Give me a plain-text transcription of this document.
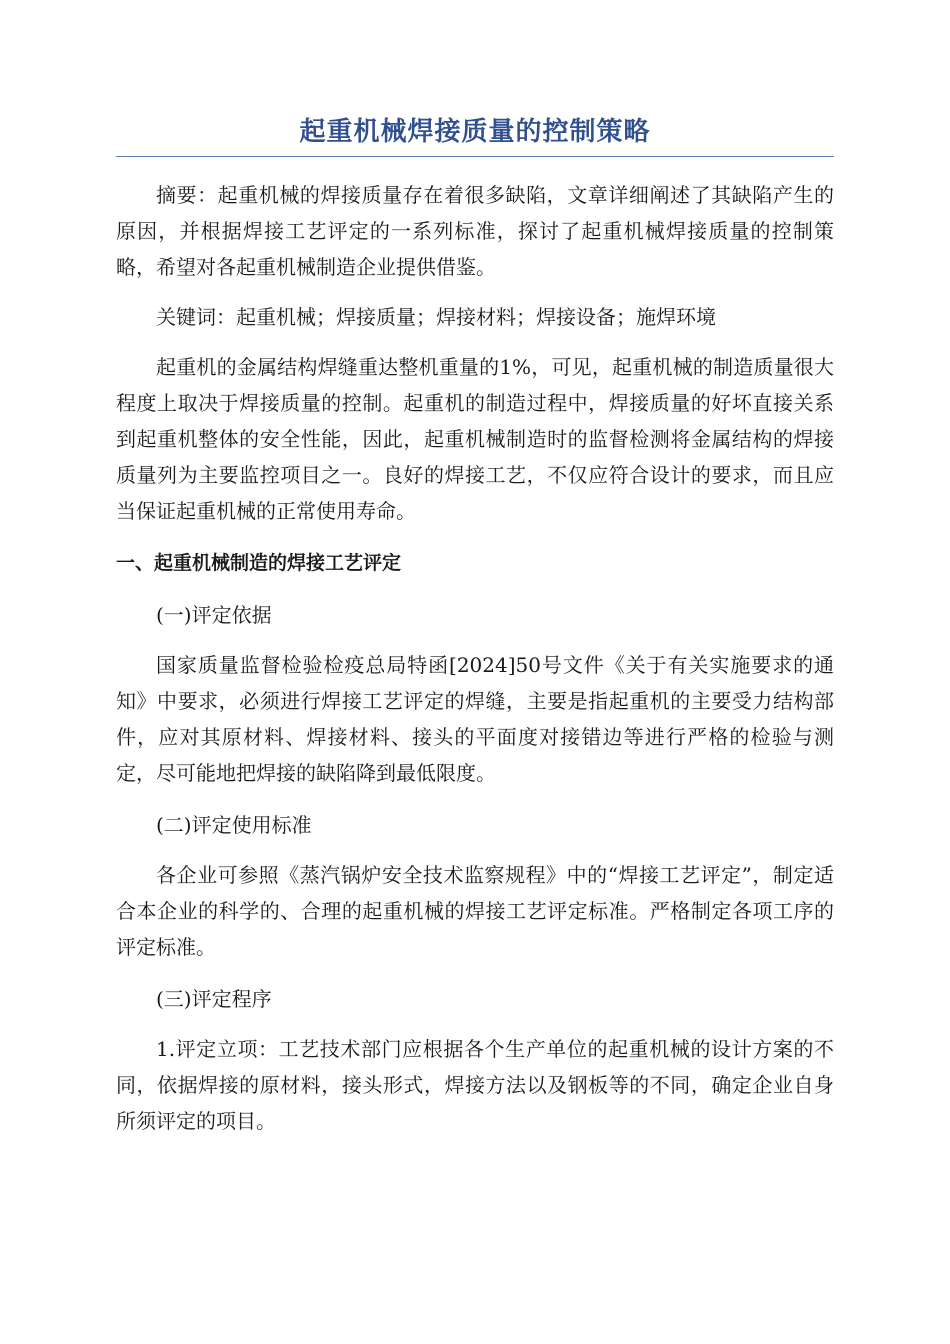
起重机械焊接质量的控制策略

摘要：起重机械的焊接质量存在着很多缺陷，文章详细阐述了其缺陷产生的原因，并根据焊接工艺评定的一系列标准，探讨了起重机械焊接质量的控制策略，希望对各起重机械制造企业提供借鉴。

关键词：起重机械；焊接质量；焊接材料；焊接设备；施焊环境

起重机的金属结构焊缝重达整机重量的1%，可见，起重机械的制造质量很大程度上取决于焊接质量的控制。起重机的制造过程中，焊接质量的好坏直接关系到起重机整体的安全性能，因此，起重机械制造时的监督检测将金属结构的焊接质量列为主要监控项目之一。良好的焊接工艺，不仅应符合设计的要求，而且应当保证起重机械的正常使用寿命。

一、起重机械制造的焊接工艺评定

(一)评定依据

国家质量监督检验检疫总局特函[2024]50号文件《关于有关实施要求的通知》中要求，必须进行焊接工艺评定的焊缝，主要是指起重机的主要受力结构部件，应对其原材料、焊接材料、接头的平面度对接错边等进行严格的检验与测定，尽可能地把焊接的缺陷降到最低限度。

(二)评定使用标准

各企业可参照《蒸汽锅炉安全技术监察规程》中的“焊接工艺评定”，制定适合本企业的科学的、合理的起重机械的焊接工艺评定标准。严格制定各项工序的评定标准。

(三)评定程序

1.评定立项：工艺技术部门应根据各个生产单位的起重机械的设计方案的不同，依据焊接的原材料，接头形式，焊接方法以及钢板等的不同，确定企业自身所须评定的项目。
